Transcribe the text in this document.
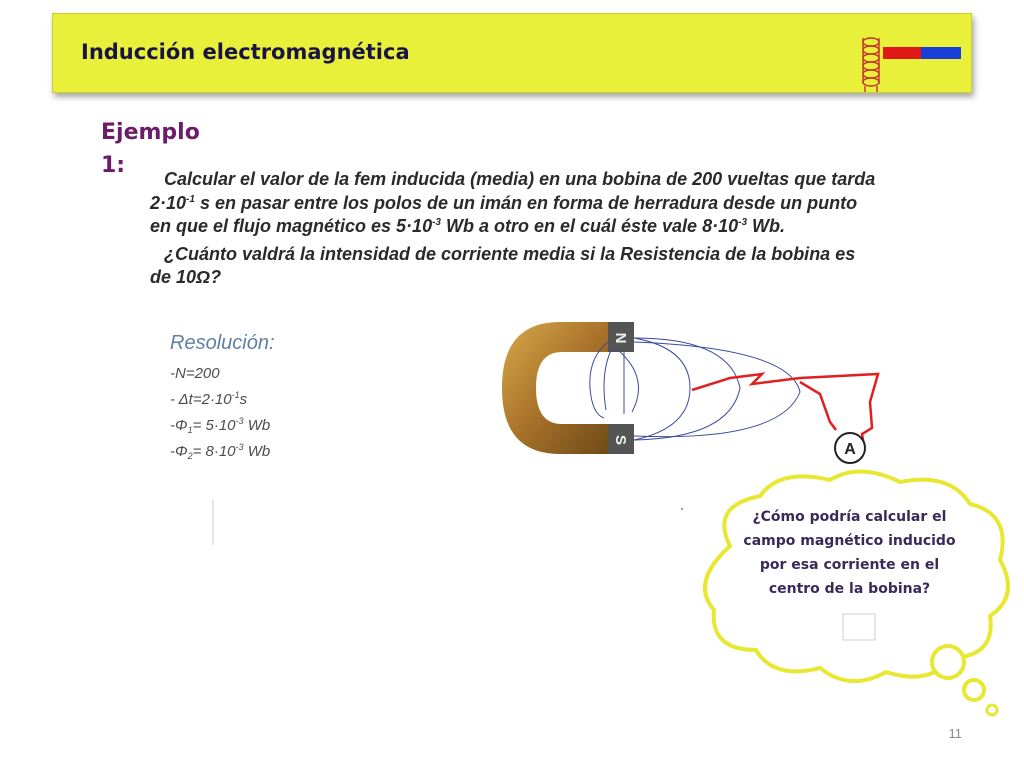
Inducción electromagnética
Ejemplo 1:

Calcular el valor de la fem inducida (media) en una bobina de 200 vueltas que tarda $2\cdot 10^{-1}$ s en pasar entre los polos de un imán en forma de herradura desde un punto en que el flujo magnético es $5\cdot 10^{-3}$ Wb a otro en el cuál éste vale $8\cdot 10^{-3}$ Wb.

¿Cuánto valdrá la intensidad de corriente media si la Resistencia de la bobina es de 10Ω?

Resolución:
-N=200
- $\Delta t=2\cdot 10^{-1}s$
$-\Phi_1= 5\cdot 10^{-3}$ Wb
$-\Phi_2= 8\cdot 10^{-3}$ Wb
N
S
A
¿Cómo podría calcular el campo magnético inducido por esa corriente en el centro de la bobina?
11
